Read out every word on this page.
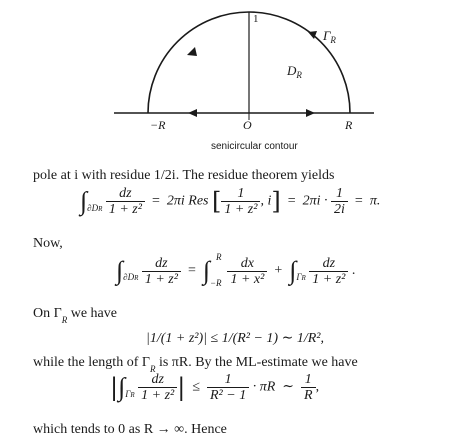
1
$\Gamma_R$
$D_R$
−R	O	R
senicircular contour
pole at i with residue 1/2i. The residue theorem yields
$\int_{\partial DR} \frac{dz}{\text{1 + z²}} = 2\pi i$ Res [ $\frac{1}{\text{1 + z²}}$ , $i] = 2\pi i \cdot \frac{1}{2i} = \pi$.
Now,
$\int_{\partial DR} \frac{dz}{\text{1 + z²}}$ = ∫ R
−R
$\frac{dx}{\text{1 + x²}} + \int_{\Gamma R} \frac{dz}{\text{1 + z²}}$ .
On $\Gamma_R$ we have
|1/(1 + z²)| ≤ 1/(R² − 1) ∼ 1/R²,
while the length of $\Gamma_R$ is πR. By the ML-estimate we have
$|\int_{\Gamma R} \frac{dz}{\text{1 + z²}}$ | ≤ $\frac{1}{\text{R² − 1}} \cdot \pi R$ ∼ $\frac{1}{R}$ ,
which tends to 0 as R → ∞. Hence
